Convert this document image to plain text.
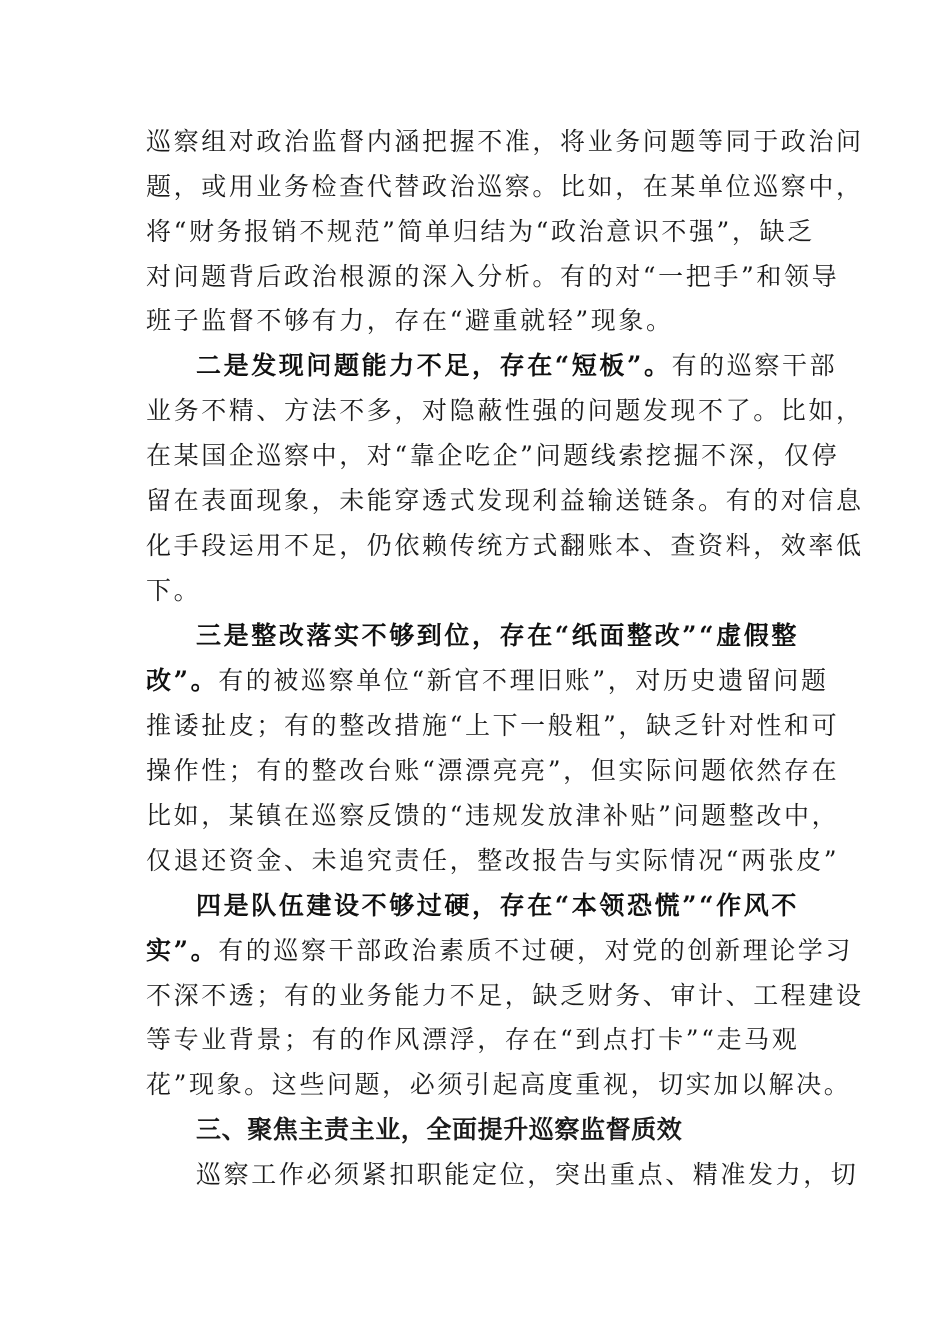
巡察组对政治监督内涵把握不准，将业务问题等同于政治问
题，或用业务检查代替政治巡察。比如，在某单位巡察中，
将“财务报销不规范”简单归结为“政治意识不强”，缺乏
对问题背后政治根源的深入分析。有的对“一把手”和领导
班子监督不够有力，存在“避重就轻”现象。
二是发现问题能力不足，存在“短板”。有的巡察干部
业务不精、方法不多，对隐蔽性强的问题发现不了。比如，
在某国企巡察中，对“靠企吃企”问题线索挖掘不深，仅停
留在表面现象，未能穿透式发现利益输送链条。有的对信息
化手段运用不足，仍依赖传统方式翻账本、查资料，效率低
下。
三是整改落实不够到位，存在“纸面整改”“虚假整
改”。有的被巡察单位“新官不理旧账”，对历史遗留问题
推诿扯皮；有的整改措施“上下一般粗”，缺乏针对性和可
操作性；有的整改台账“漂漂亮亮”，但实际问题依然存在
比如，某镇在巡察反馈的“违规发放津补贴”问题整改中，
仅退还资金、未追究责任，整改报告与实际情况“两张皮”
四是队伍建设不够过硬，存在“本领恐慌”“作风不
实”。有的巡察干部政治素质不过硬，对党的创新理论学习
不深不透；有的业务能力不足，缺乏财务、审计、工程建设
等专业背景；有的作风漂浮，存在“到点打卡”“走马观
花”现象。这些问题，必须引起高度重视，切实加以解决。
三、聚焦主责主业，全面提升巡察监督质效
巡察工作必须紧扣职能定位，突出重点、精准发力，切
